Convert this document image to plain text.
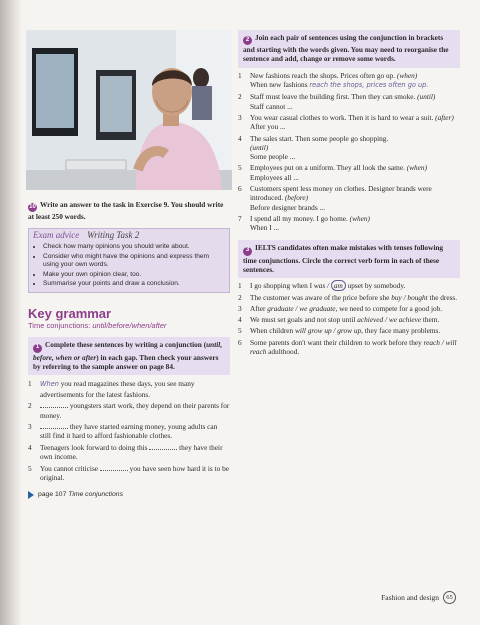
10 Write an answer to the task in Exercise 9. You should write at least 250 words.
Exam advice Writing Task 2
• Check how many opinions you should write about.
• Consider who might have the opinions and express them using your own words.
• Make your own opinion clear, too.
• Summarise your points and draw a conclusion.
Key grammar
Time conjunctions: until/before/when/after
1 Complete these sentences by writing a conjunction (until, before, when or after) in each gap. Then check your answers by referring to the sample answer on page 84.
1	When you read magazines these days, you see many advertisements for the latest fashions.
2	youngsters start work, they depend on their parents for money.
3	they have started earning money, young adults can still find it hard to afford fashionable clothes.
4	Teenagers look forward to doing this	they have their own income.
5	You cannot criticise	you have seen how hard it is to be original.
page 107
Time conjunctions
2 Join each pair of sentences using the conjunction in brackets and starting with the words given. You may need to reorganise the sentence and add, change or remove some words.
1	New fashions reach the shops. Prices often go up. (when)
When new fashions reach the shops, prices often go up.
2	Staff must leave the building first. Then they can smoke. (until)
Staff cannot ...
3	You wear casual clothes to work. Then it is hard to wear a suit. (after)
After you ...
4	The sales start. Then some people go shopping.
(until)
Some people ...
5	Employees put on a uniform. They all look the same. (when)
Employees all ...
6	Customers spent less money on clothes. Designer brands were introduced. (before)
Before designer brands ...
7	I spend all my money. I go home. (when)
When I ...
3 IELTS candidates often make mistakes with tenses following time conjunctions. Circle the correct verb form in each of these sentences.
1	I go shopping when I was / am upset by somebody.
2	The customer was aware of the price before she buy / bought the dress.
3	After graduate / we graduate, we need to compete for a good job.
4	We must set goals and not stop until achieved / we achieve them.
5	When children will grow up / grow up, they face many problems.
6	Some parents don't want their children to work before they reach / will reach adulthood.
Fashion and design	65
